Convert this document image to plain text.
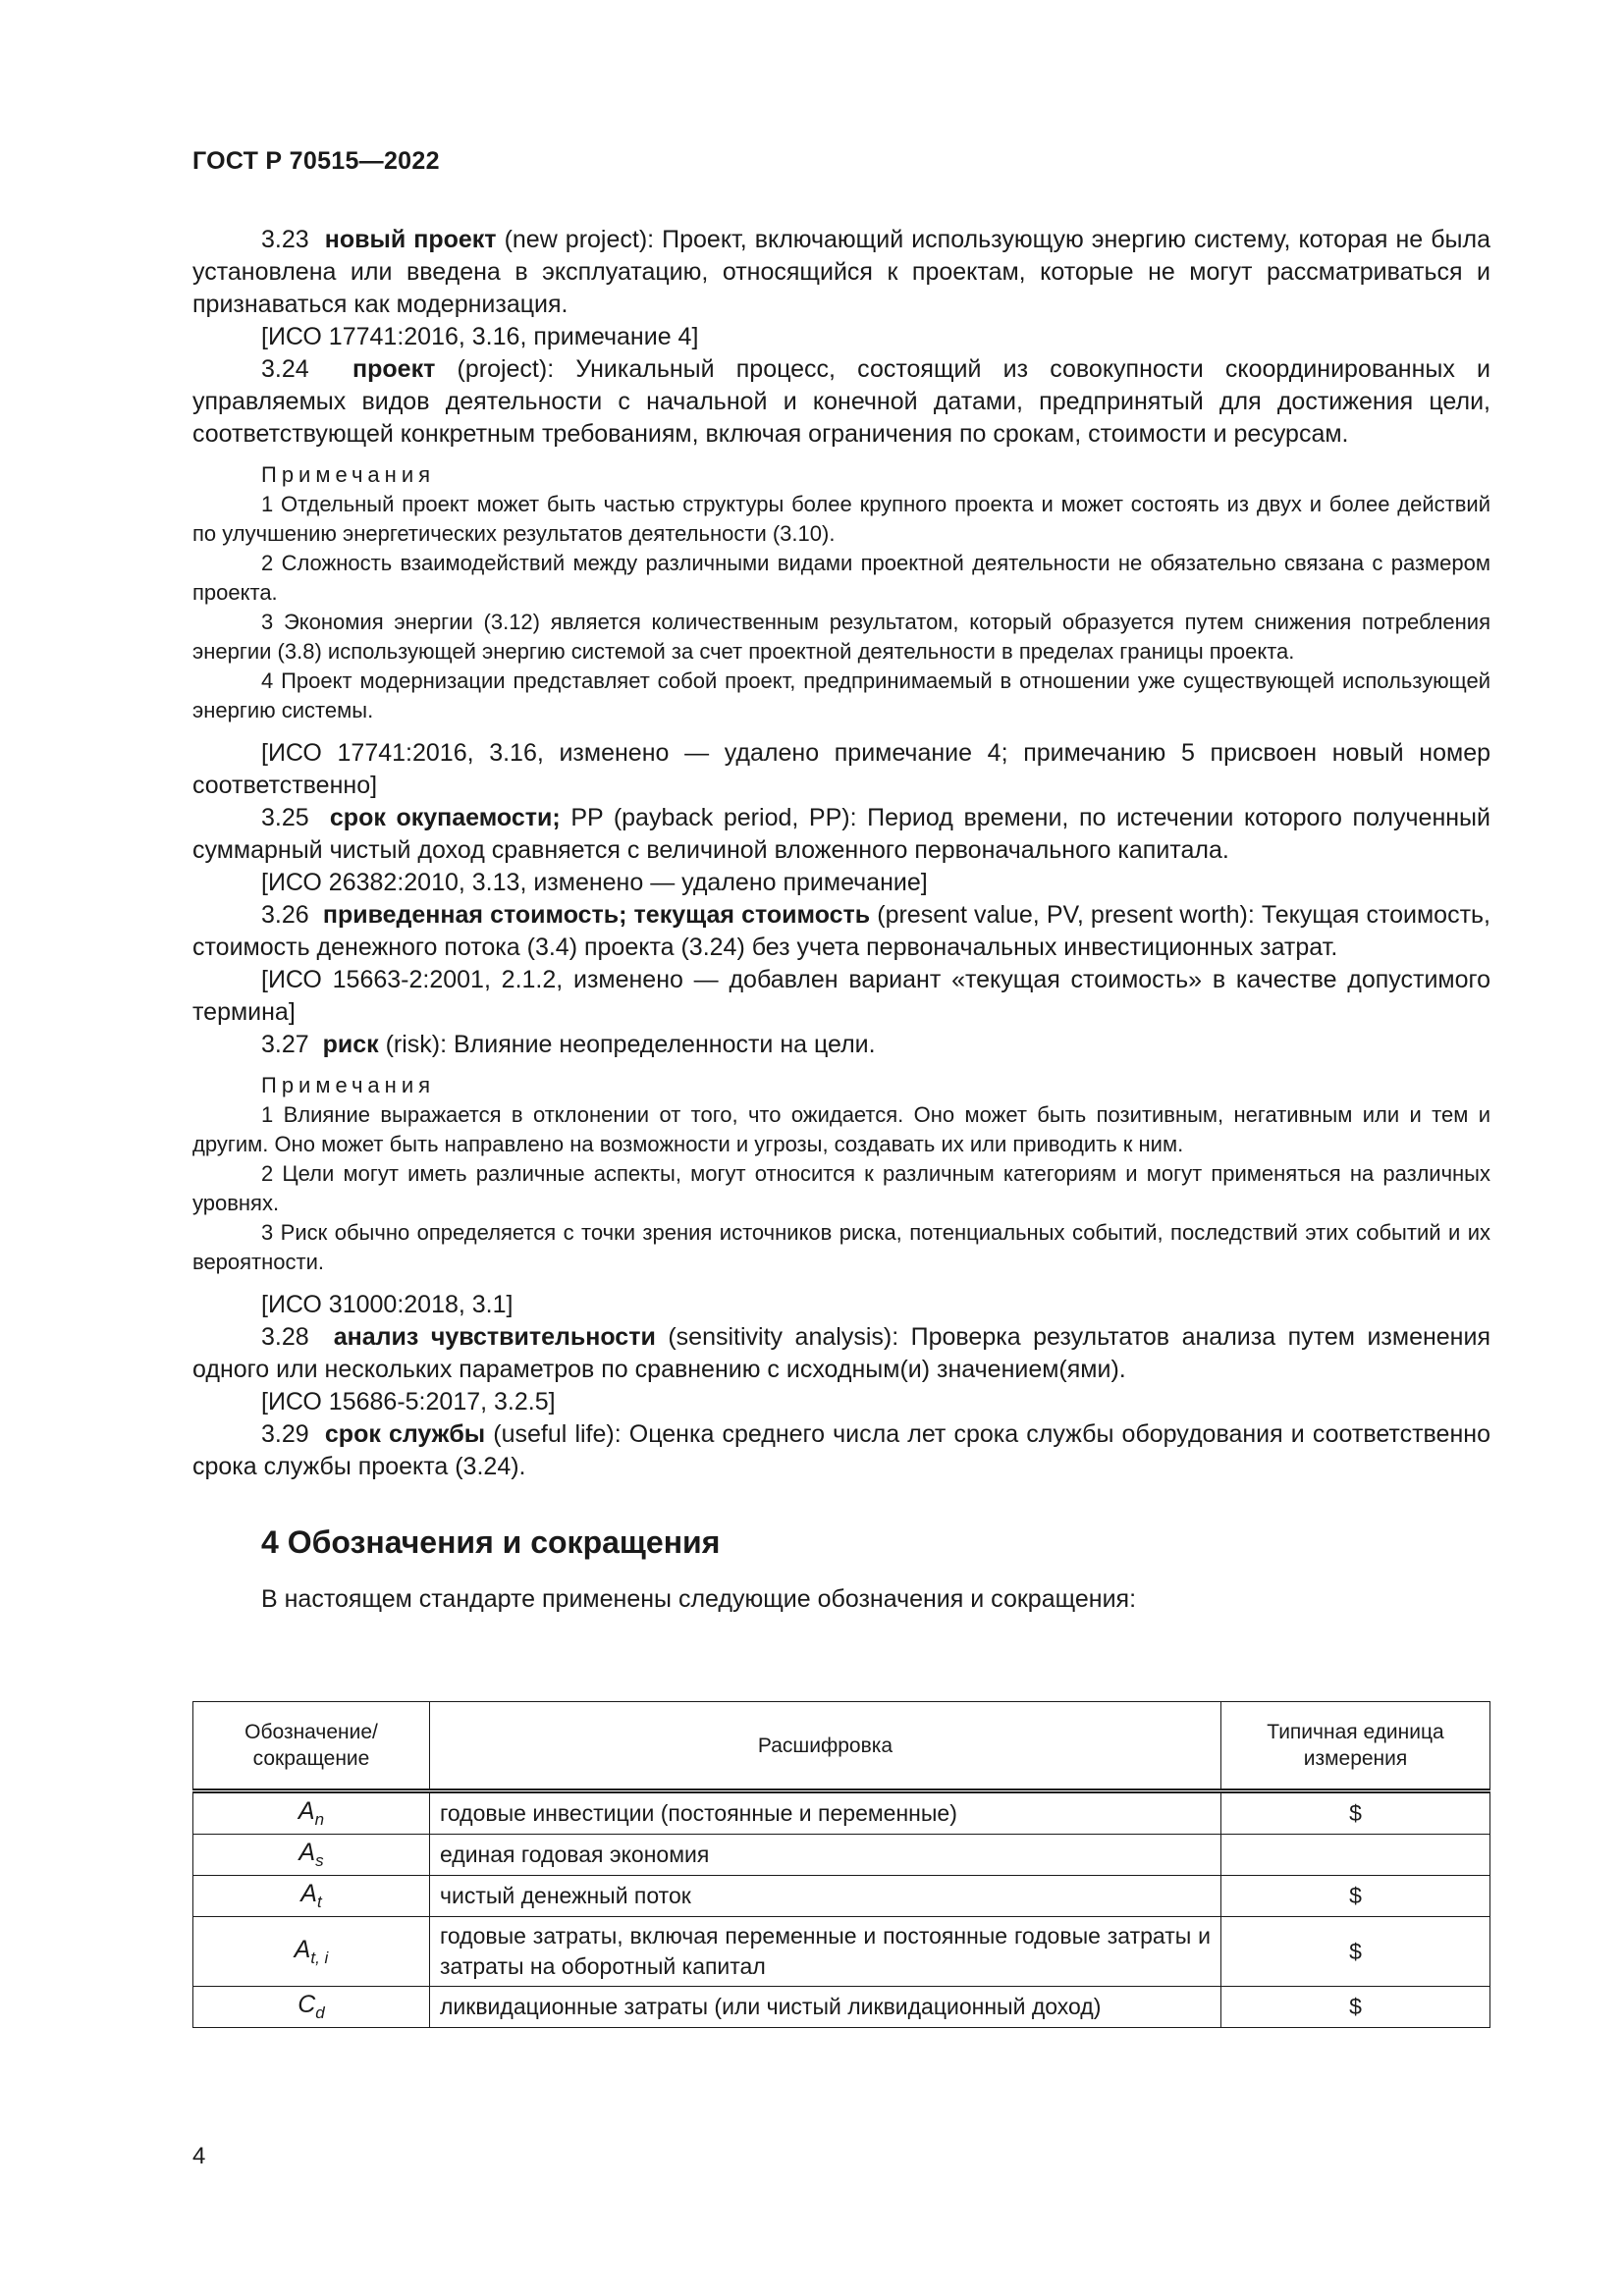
ГОСТ Р 70515—2022

3.23 новый проект (new project): Проект, включающий использующую энергию систему, которая не была установлена или введена в эксплуатацию, относящийся к проектам, которые не могут рассматриваться и признаваться как модернизация.

[ИСО 17741:2016, 3.16, примечание 4]

3.24 проект (project): Уникальный процесс, состоящий из совокупности скоординированных и управляемых видов деятельности с начальной и конечной датами, предпринятый для достижения цели, соответствующей конкретным требованиям, включая ограничения по срокам, стоимости и ресурсам.

Примечания

1 Отдельный проект может быть частью структуры более крупного проекта и может состоять из двух и более действий по улучшению энергетических результатов деятельности (3.10).

2 Сложность взаимодействий между различными видами проектной деятельности не обязательно связана с размером проекта.

3 Экономия энергии (3.12) является количественным результатом, который образуется путем снижения потребления энергии (3.8) использующей энергию системой за счет проектной деятельности в пределах границы проекта.

4 Проект модернизации представляет собой проект, предпринимаемый в отношении уже существующей использующей энергию системы.

[ИСО 17741:2016, 3.16, изменено — удалено примечание 4; примечанию 5 присвоен новый номер соответственно]

3.25 срок окупаемости; PP (payback period, PP): Период времени, по истечении которого полученный суммарный чистый доход сравняется с величиной вложенного первоначального капитала.

[ИСО 26382:2010, 3.13, изменено — удалено примечание]

3.26 приведенная стоимость; текущая стоимость (present value, PV, present worth): Текущая стоимость, стоимость денежного потока (3.4) проекта (3.24) без учета первоначальных инвестиционных затрат.

[ИСО 15663-2:2001, 2.1.2, изменено — добавлен вариант «текущая стоимость» в качестве допустимого термина]

3.27 риск (risk): Влияние неопределенности на цели.

Примечания

1 Влияние выражается в отклонении от того, что ожидается. Оно может быть позитивным, негативным или и тем и другим. Оно может быть направлено на возможности и угрозы, создавать их или приводить к ним.

2 Цели могут иметь различные аспекты, могут относится к различным категориям и могут применяться на различных уровнях.

3 Риск обычно определяется с точки зрения источников риска, потенциальных событий, последствий этих событий и их вероятности.

[ИСО 31000:2018, 3.1]

3.28 анализ чувствительности (sensitivity analysis): Проверка результатов анализа путем изменения одного или нескольких параметров по сравнению с исходным(и) значением(ями).

[ИСО 15686-5:2017, 3.2.5]

3.29 срок службы (useful life): Оценка среднего числа лет срока службы оборудования и соответственно срока службы проекта (3.24).

4 Обозначения и сокращения

В настоящем стандарте применены следующие обозначения и сокращения:

Обозначение/ сокращение	Расшифровка	Типичная единица измерения
$A_n$	годовые инвестиции (постоянные и переменные)	$
$A_s$	единая годовая экономия	
$A_t$	чистый денежный поток	$
$A_{t, i}$	годовые затраты, включая переменные и постоянные годовые затраты и затраты на оборотный капитал	$
$C_d$	ликвидационные затраты (или чистый ликвидационный доход)	$
4
